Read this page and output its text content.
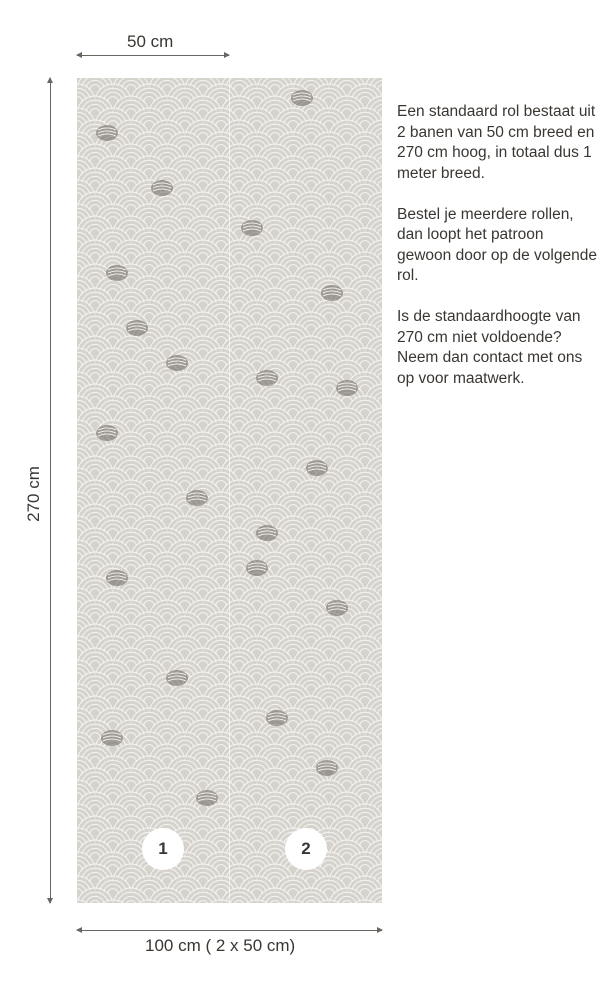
50 cm
270 cm
1	2
100 cm ( 2 x 50 cm)

Een standaard rol bestaat uit 2 banen van 50 cm breed en 270 cm hoog, in totaal dus 1 meter breed.

Bestel je meerdere rollen, dan loopt het patroon gewoon door op de volgende rol.

Is de standaardhoogte van 270 cm niet voldoende? Neem dan contact met ons op voor maatwerk.
